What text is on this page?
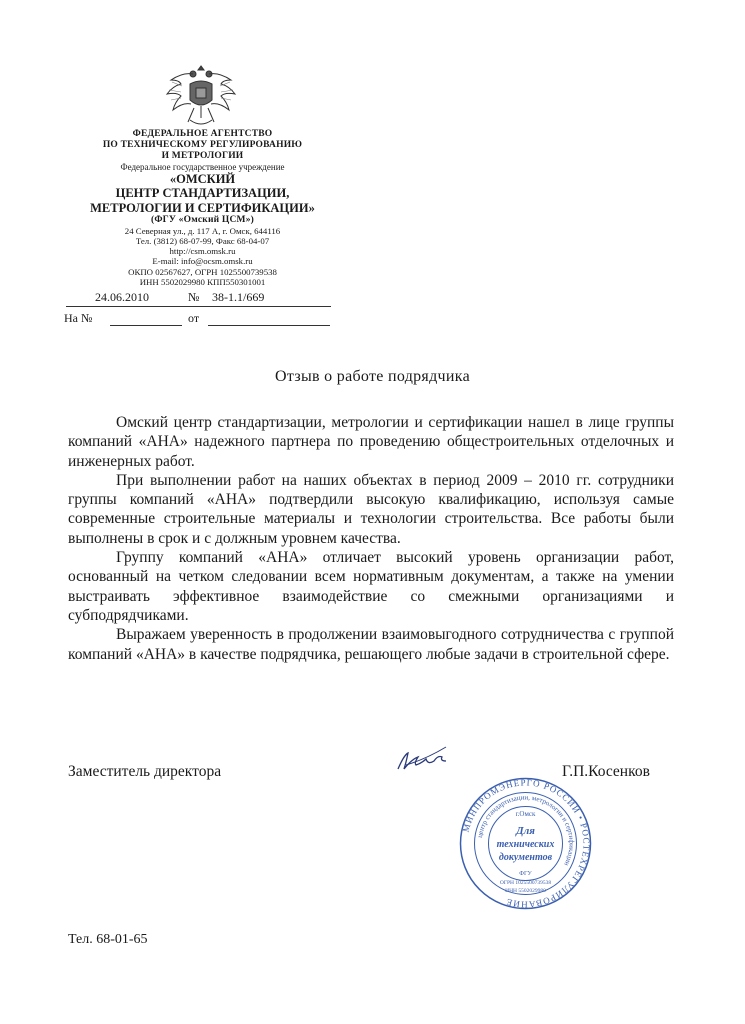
ФЕДЕРАЛЬНОЕ АГЕНТСТВО
ПО ТЕХНИЧЕСКОМУ РЕГУЛИРОВАНИЮ
И МЕТРОЛОГИИ
Федеральное государственное учреждение
«ОМСКИЙ
ЦЕНТР СТАНДАРТИЗАЦИИ,
МЕТРОЛОГИИ И СЕРТИФИКАЦИИ»
(ФГУ «Омский ЦСМ»)
24 Северная ул., д. 117 А, г. Омск, 644116
Тел. (3812) 68-07-99, Факс 68-04-07
http://csm.omsk.ru
E-mail: info@ocsm.omsk.ru
ОКПО 02567627, ОГРН 1025500739538
ИНН 5502029980 КПП550301001
24.06.2010	№ 38-1.1/669
На №	от
Отзыв о работе подрядчика

Омский центр стандартизации, метрологии и сертификации нашел в лице группы компаний «АНА» надежного партнера по проведению общестроительных отделочных и инженерных работ.

При выполнении работ на наших объектах в период 2009 – 2010 гг. сотрудники группы компаний «АНА» подтвердили высокую квалификацию, используя самые современные строительные материалы и технологии строительства. Все работы были выполнены в срок и с должным уровнем качества.

Группу компаний «АНА» отличает высокий уровень организации работ, основанный на четком следовании всем нормативным документам, а также на умении выстраивать эффективное взаимодействие со смежными организациями и субподрядчиками.

Выражаем уверенность в продолжении взаимовыгодного сотрудничества с группой компаний «АНА» в качестве подрядчика, решающего любые задачи в строительной сфере.

Заместитель директора	Г.П.Косенков
МИНПРОМЭНЕРГО РОССИИ • РОСТЕХРЕГУЛИРОВАНИЕ
центр стандартизации, метрологии и сертификации
г.Омск
Для
технических
документов
ФГУ
ОГРН 1025500739538
ИНН 5502029980
Тел. 68-01-65
